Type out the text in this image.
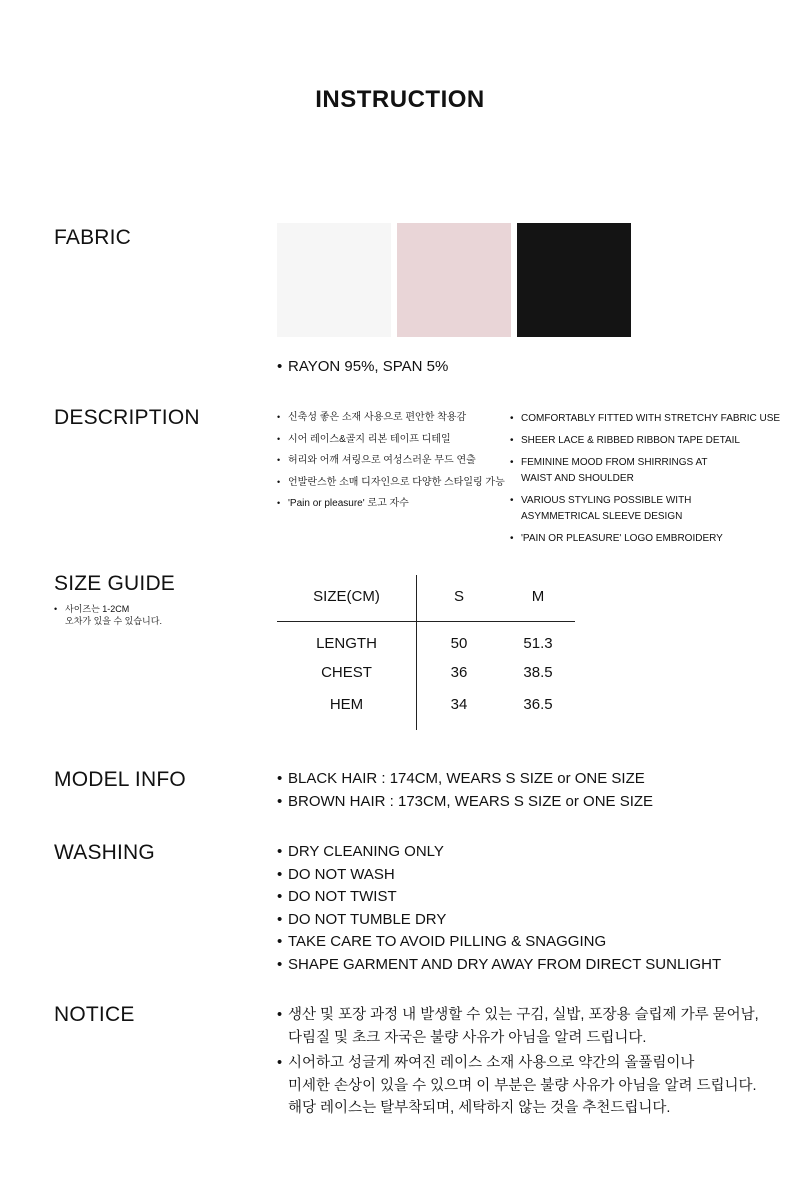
INSTRUCTION
FABRIC
• RAYON 95%, SPAN 5%
DESCRIPTION	• 신축성 좋은 소재 사용으로 편안한 착용감
• 시어 레이스&골지 리본 테이프 디테일
• 허리와 어깨 셔링으로 여성스러운 무드 연출
• 언발란스한 소매 디자인으로 다양한 스타일링 가능
• 'Pain or pleasure' 로고 자수
• COMFORTABLY FITTED WITH STRETCHY FABRIC USE
• SHEER LACE & RIBBED RIBBON TAPE DETAIL
• FEMININE MOOD FROM SHIRRINGS AT WAIST AND SHOULDER
• VARIOUS STYLING POSSIBLE WITH ASYMMETRICAL SLEEVE DESIGN
• 'PAIN OR PLEASURE' LOGO EMBROIDERY
SIZE GUIDE
• 사이즈는 1-2CM
오차가 있을 수 있습니다.
SIZE(CM)	S	M

LENGTH	50	51.3
CHEST	36	38.5
HEM	34	36.5
MODEL INFO	• BLACK HAIR : 174CM, WEARS S SIZE or ONE SIZE
• BROWN HAIR : 173CM, WEARS S SIZE or ONE SIZE
WASHING	• DRY CLEANING ONLY
• DO NOT WASH
• DO NOT TWIST
• DO NOT TUMBLE DRY
• TAKE CARE TO AVOID PILLING & SNAGGING
• SHAPE GARMENT AND DRY AWAY FROM DIRECT SUNLIGHT
NOTICE	• 생산 및 포장 과정 내 발생할 수 있는 구김, 실밥, 포장용 슬립제 가루 묻어남,
다림질 및 초크 자국은 불량 사유가 아님을 알려 드립니다.
• 시어하고 성글게 짜여진 레이스 소재 사용으로 약간의 올풀림이나
미세한 손상이 있을 수 있으며 이 부분은 불량 사유가 아님을 알려 드립니다.
해당 레이스는 탈부착되며, 세탁하지 않는 것을 추천드립니다.
